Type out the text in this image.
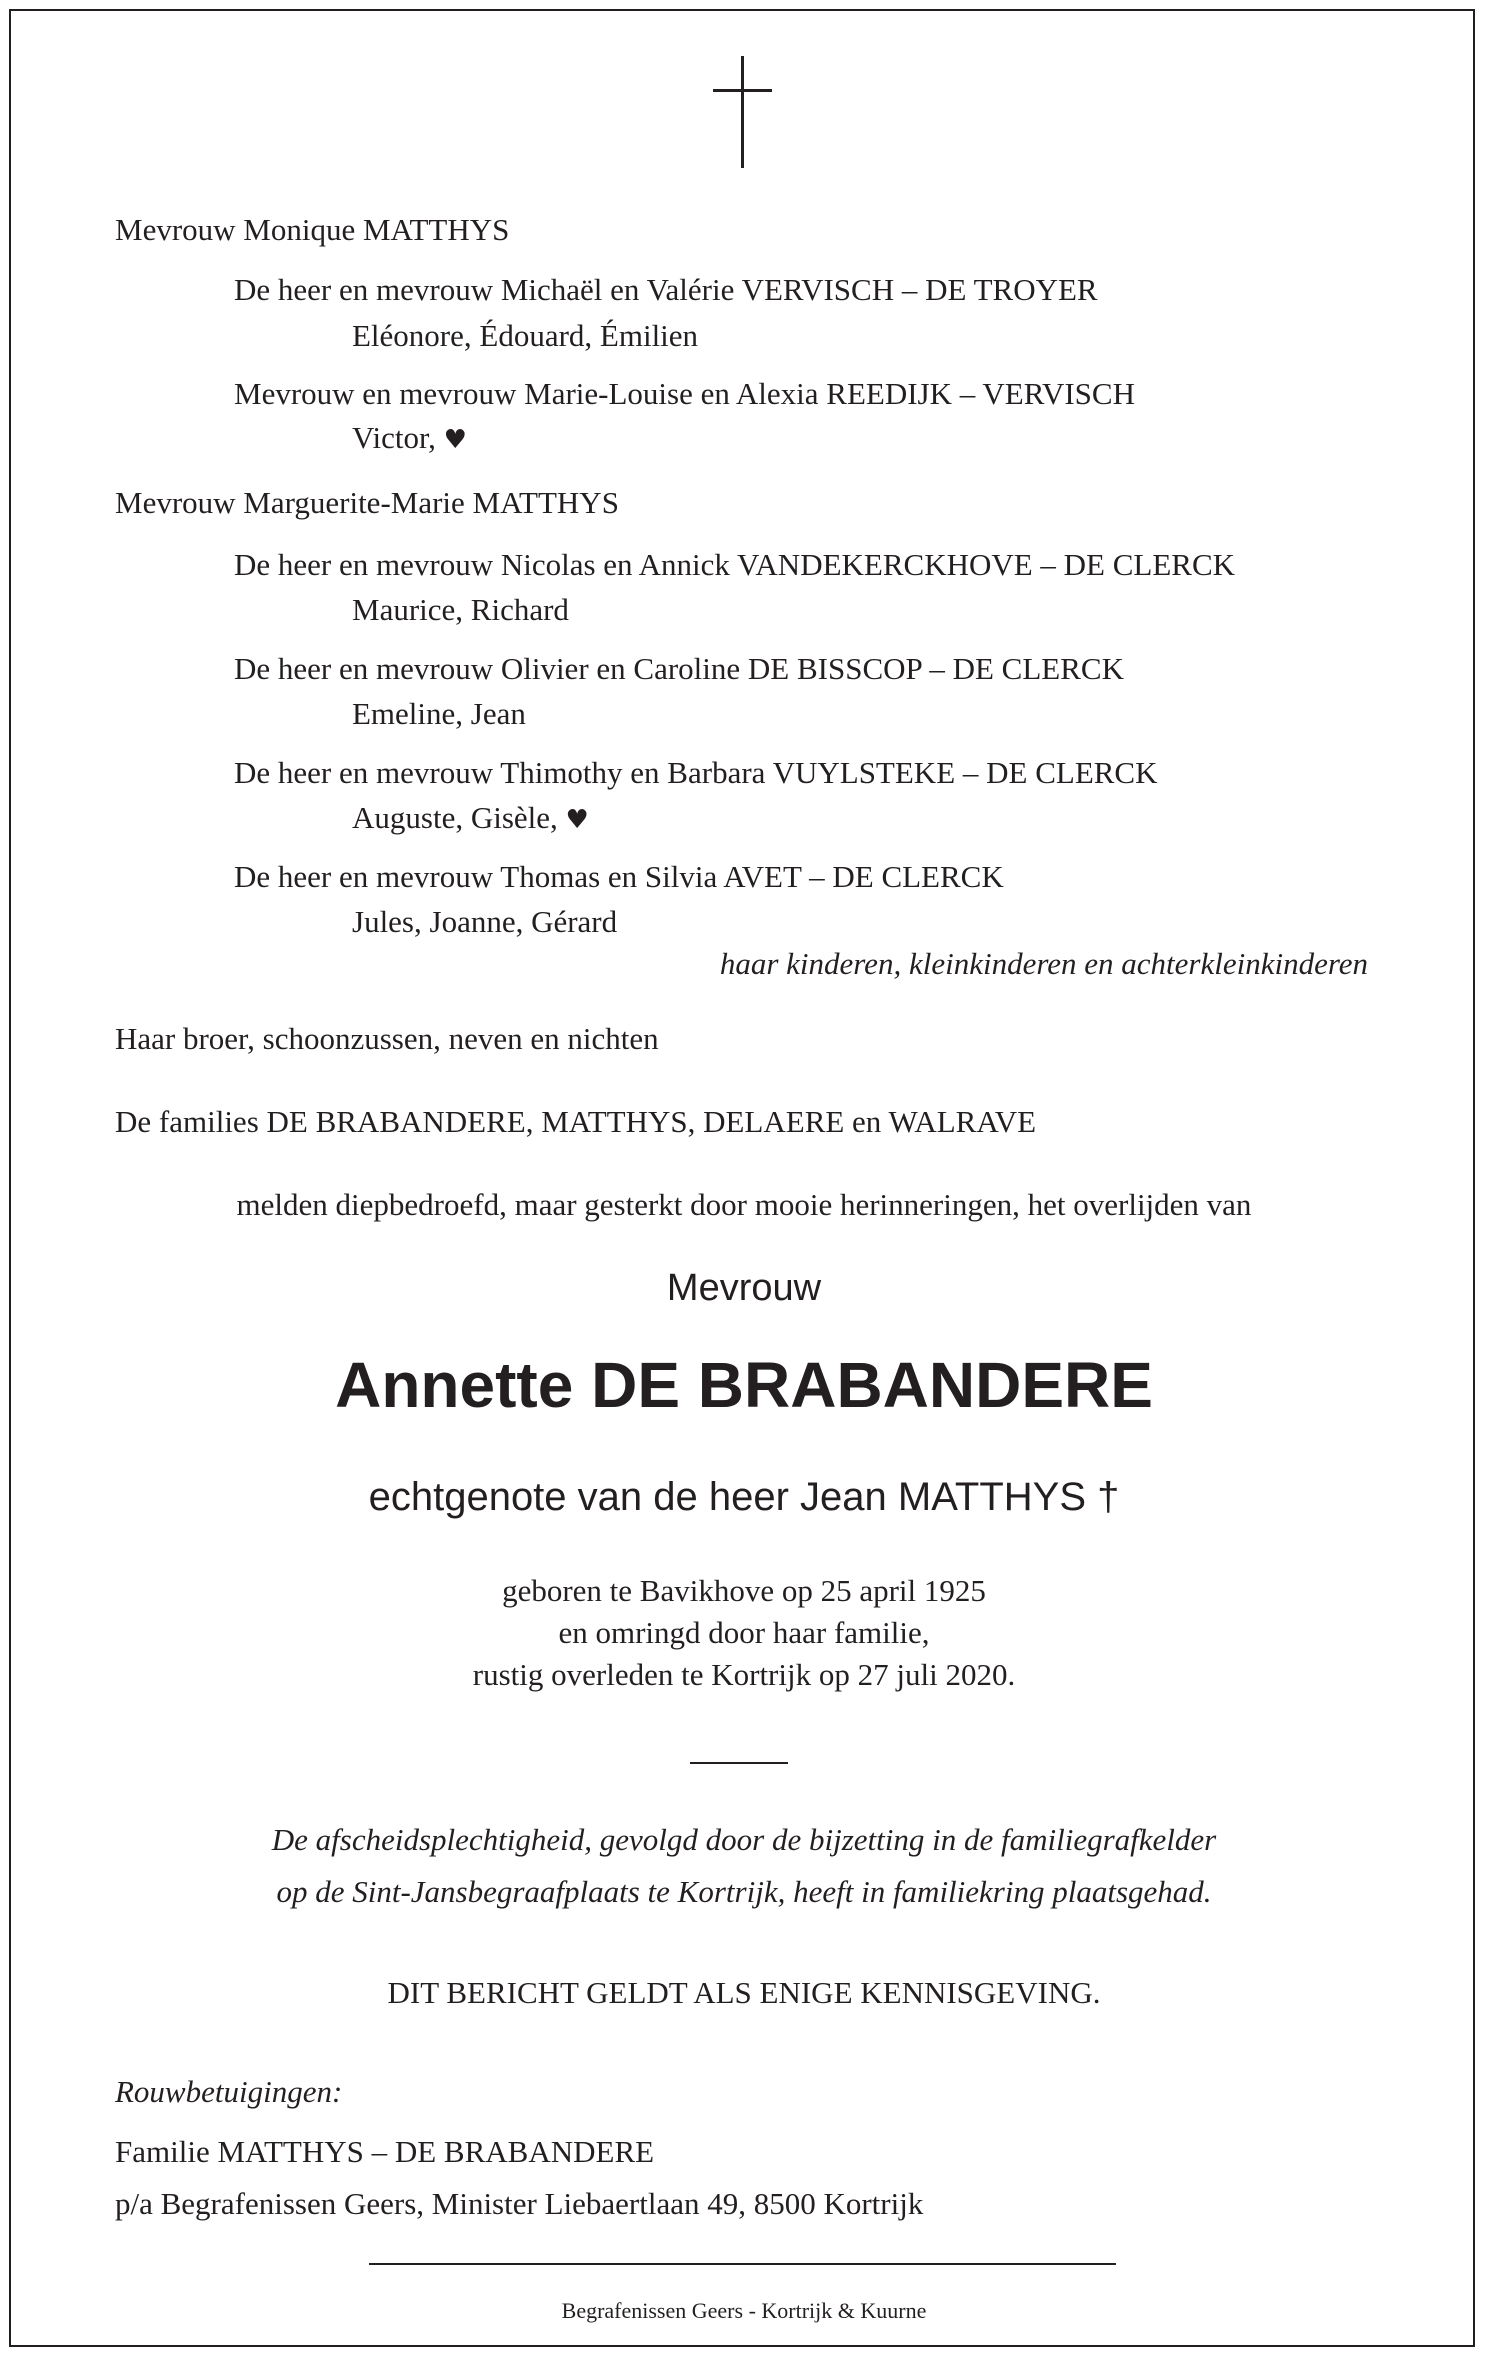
Mevrouw Monique MATTHYS
De heer en mevrouw Michaël en Valérie VERVISCH – DE TROYER
Eléonore, Édouard, Émilien
Mevrouw en mevrouw Marie-Louise en Alexia REEDIJK – VERVISCH
Victor, ♥
Mevrouw Marguerite-Marie MATTHYS
De heer en mevrouw Nicolas en Annick VANDEKERCKHOVE – DE CLERCK
Maurice, Richard
De heer en mevrouw Olivier en Caroline DE BISSCOP – DE CLERCK
Emeline, Jean
De heer en mevrouw Thimothy en Barbara VUYLSTEKE – DE CLERCK
Auguste, Gisèle, ♥
De heer en mevrouw Thomas en Silvia AVET – DE CLERCK
Jules, Joanne, Gérard
haar kinderen, kleinkinderen en achterkleinkinderen
Haar broer, schoonzussen, neven en nichten
De families DE BRABANDERE, MATTHYS, DELAERE en WALRAVE
melden diepbedroefd, maar gesterkt door mooie herinneringen, het overlijden van
Mevrouw
Annette DE BRABANDERE
echtgenote van de heer Jean MATTHYS †
geboren te Bavikhove op 25 april 1925
en omringd door haar familie,
rustig overleden te Kortrijk op 27 juli 2020.
De afscheidsplechtigheid, gevolgd door de bijzetting in de familiegrafkelder
op de Sint-Jansbegraafplaats te Kortrijk, heeft in familiekring plaatsgehad.
DIT BERICHT GELDT ALS ENIGE KENNISGEVING.
Rouwbetuigingen:
Familie MATTHYS – DE BRABANDERE
p/a Begrafenissen Geers, Minister Liebaertlaan 49, 8500 Kortrijk
Begrafenissen Geers - Kortrijk & Kuurne
